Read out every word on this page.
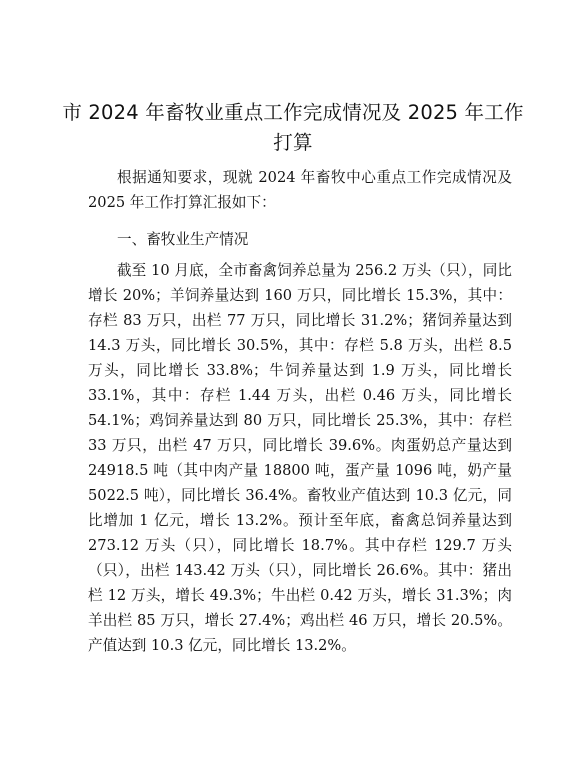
市 2024 年畜牧业重点工作完成情况及 2025 年工作打算

根据通知要求，现就 2024 年畜牧中心重点工作完成情况及 2025 年工作打算汇报如下：

一、畜牧业生产情况

截至 10 月底，全市畜禽饲养总量为 256.2 万头（只），同比增长 20%；羊饲养量达到 160 万只，同比增长 15.3%，其中：存栏 83 万只，出栏 77 万只，同比增长 31.2%；猪饲养量达到 14.3 万头，同比增长 30.5%，其中：存栏 5.8 万头，出栏 8.5 万头，同比增长 33.8%；牛饲养量达到 1.9 万头，同比增长 33.1%，其中：存栏 1.44 万头，出栏 0.46 万头，同比增长 54.1%；鸡饲养量达到 80 万只，同比增长 25.3%，其中：存栏 33 万只，出栏 47 万只，同比增长 39.6%。肉蛋奶总产量达到 24918.5 吨（其中肉产量 18800 吨，蛋产量 1096 吨，奶产量 5022.5 吨），同比增长 36.4%。畜牧业产值达到 10.3 亿元，同比增加 1 亿元，增长 13.2%。预计至年底，畜禽总饲养量达到 273.12 万头（只），同比增长 18.7%。其中存栏 129.7 万头（只），出栏 143.42 万头（只），同比增长 26.6%。其中：猪出栏 12 万头，增长 49.3%；牛出栏 0.42 万头，增长 31.3%；肉羊出栏 85 万只，增长 27.4%；鸡出栏 46 万只，增长 20.5%。产值达到 10.3 亿元，同比增长 13.2%。
